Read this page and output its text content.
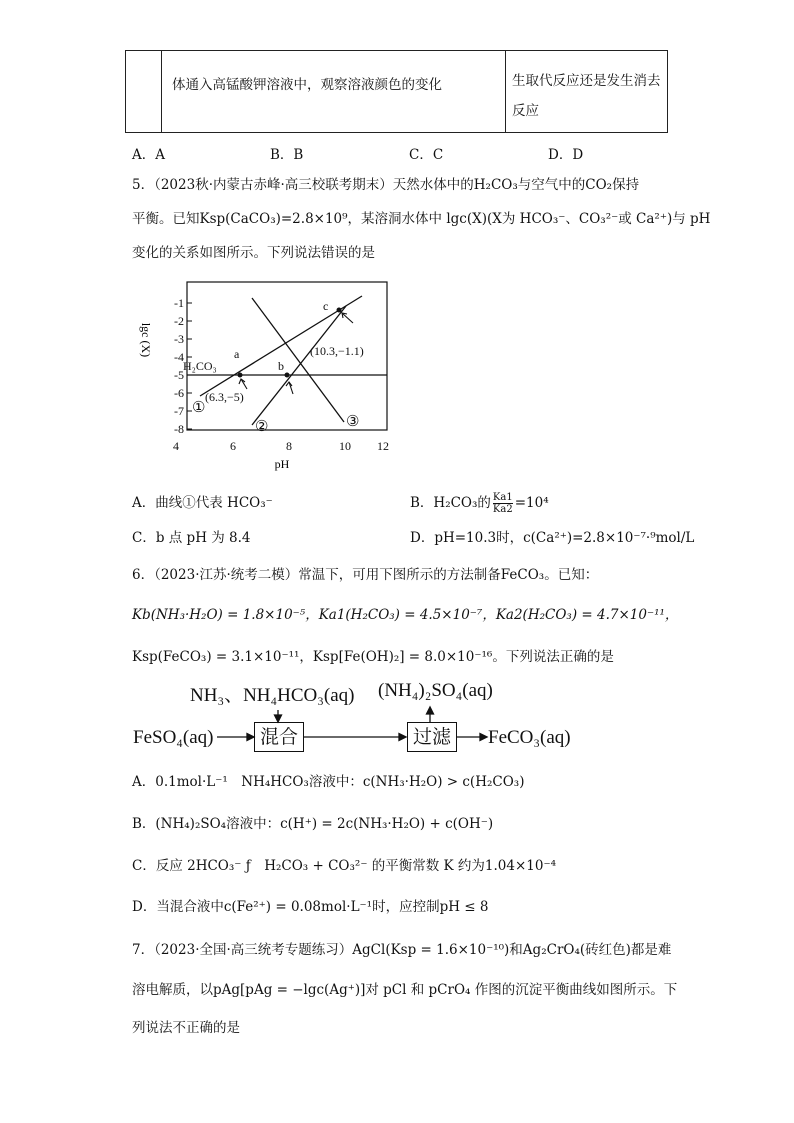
	体通入高锰酸钾溶液中，观察溶液颜色的变化	生取代反应还是发生消去
反应
A．A	B．B	C．C	D．D
5．（2023秋·内蒙古赤峰·高三校联考期末）天然水体中的H₂CO₃与空气中的CO₂保持
平衡。已知Ksp(CaCO₃)=2.8×10⁹，某溶洞水体中 lgc(X)(X为 HCO₃⁻、CO₃²⁻或 Ca²⁺)与 pH
变化的关系如图所示。下列说法错误的是
-1
-2
-3
-4
-5
-6
-7
-8
4	6	8	10 12
pH
lgc (X)
H₂CO₃
a
b
c
(6.3,−5)
(10.3,−1.1)
①
②	③
A．曲线①代表 HCO₃⁻	B．H₂CO₃的 $\frac{Ka1}{Ka2} =10^4$
C．b 点 pH 为 8.4	D．pH=10.3时，c(Ca²⁺)=2.8×10⁻⁷·⁹mol/L
6．（2023·江苏·统考二模）常温下，可用下图所示的方法制备FeCO₃。已知：
Kb(NH₃·H₂O) = 1.8×10⁻⁵，Ka1(H₂CO₃) = 4.5×10⁻⁷，Ka2(H₂CO₃) = 4.7×10⁻¹¹，
Ksp(FeCO₃) = 3.1×10⁻¹¹，Ksp[Fe(OH)₂] = 8.0×10⁻¹⁶。下列说法正确的是
NH₃、NH₄HCO₃(aq) (NH₄)₂SO₄(aq)
FeSO₄(aq)	混合	过滤	FeCO₃(aq)
A．0.1mol·L⁻¹　NH₄HCO₃溶液中：c(NH₃·H₂O) > c(H₂CO₃)
B．(NH₄)₂SO₄溶液中：c(H⁺) = 2c(NH₃·H₂O) + c(OH⁻)
C．反应 2HCO₃⁻ ƒ　H₂CO₃ + CO₃²⁻ 的平衡常数 K 约为1.04×10⁻⁴
D．当混合液中c(Fe²⁺) = 0.08mol·L⁻¹时，应控制pH ≤ 8
7．（2023·全国·高三统考专题练习）AgCl(Ksp = 1.6×10⁻¹⁰)和Ag₂CrO₄(砖红色)都是难
溶电解质，以pAg[pAg = −lgc(Ag⁺)]对 pCl 和 pCrO₄ 作图的沉淀平衡曲线如图所示。下
列说法不正确的是
